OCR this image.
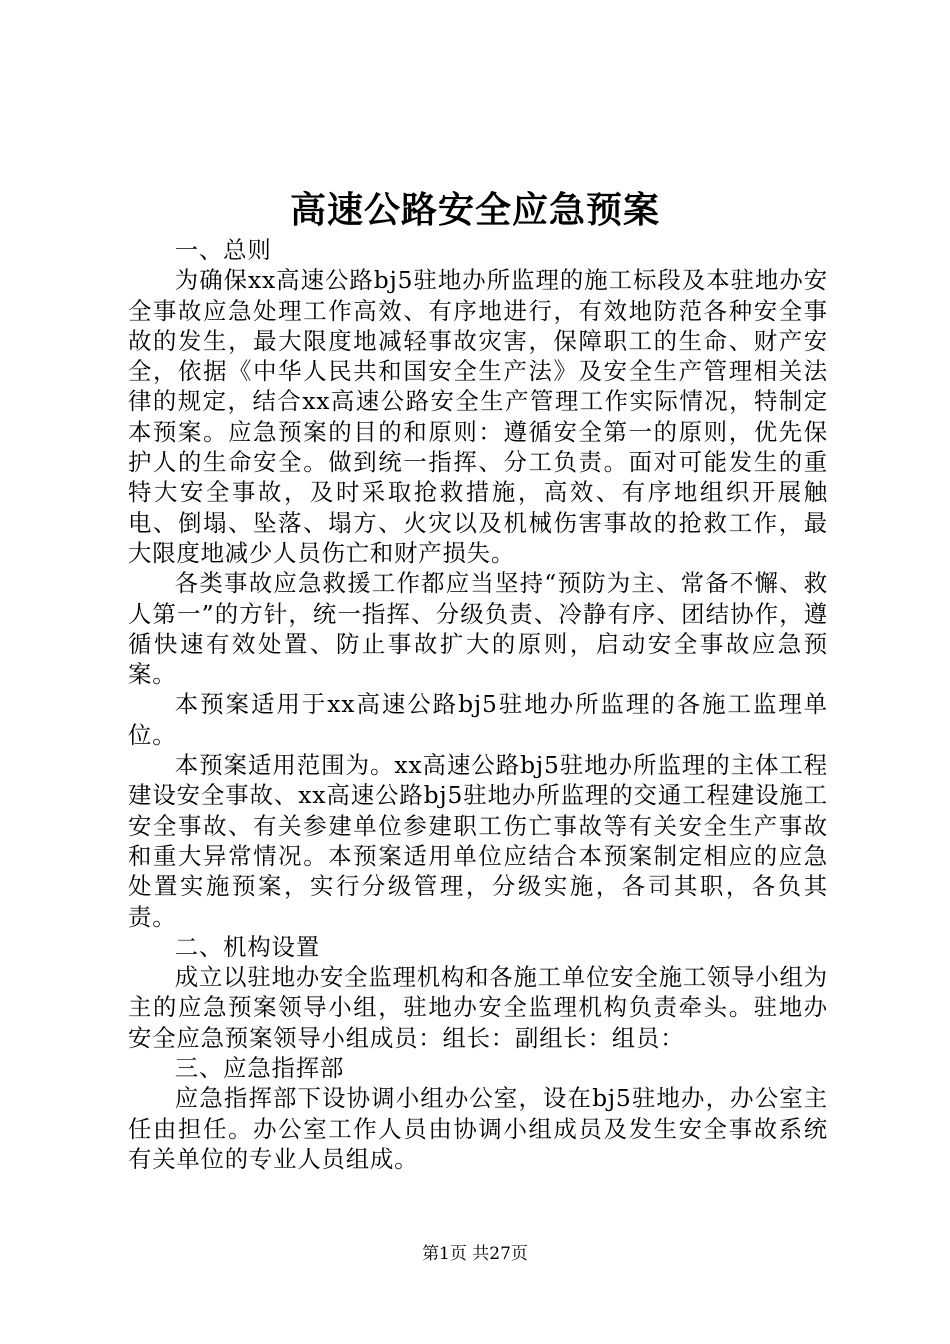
高速公路安全应急预案

一、总则

为确保xx高速公路bj5驻地办所监理的施工标段及本驻地办安全事故应急处理工作高效、有序地进行，有效地防范各种安全事故的发生，最大限度地减轻事故灾害，保障职工的生命、财产安全，依据《中华人民共和国安全生产法》及安全生产管理相关法律的规定，结合xx高速公路安全生产管理工作实际情况，特制定本预案。应急预案的目的和原则：遵循安全第一的原则，优先保护人的生命安全。做到统一指挥、分工负责。面对可能发生的重特大安全事故，及时采取抢救措施，高效、有序地组织开展触电、倒塌、坠落、塌方、火灾以及机械伤害事故的抢救工作，最大限度地减少人员伤亡和财产损失。

各类事故应急救援工作都应当坚持“预防为主、常备不懈、救人第一”的方针，统一指挥、分级负责、冷静有序、团结协作，遵循快速有效处置、防止事故扩大的原则，启动安全事故应急预案。

本预案适用于xx高速公路bj5驻地办所监理的各施工监理单位。

本预案适用范围为。xx高速公路bj5驻地办所监理的主体工程建设安全事故、xx高速公路bj5驻地办所监理的交通工程建设施工安全事故、有关参建单位参建职工伤亡事故等有关安全生产事故和重大异常情况。本预案适用单位应结合本预案制定相应的应急处置实施预案，实行分级管理，分级实施，各司其职，各负其责。

二、机构设置

成立以驻地办安全监理机构和各施工单位安全施工领导小组为主的应急预案领导小组，驻地办安全监理机构负责牵头。驻地办安全应急预案领导小组成员：组长：副组长：组员：

三、应急指挥部

应急指挥部下设协调小组办公室，设在bj5驻地办，办公室主任由担任。办公室工作人员由协调小组成员及发生安全事故系统有关单位的专业人员组成。

第1页 共27页
